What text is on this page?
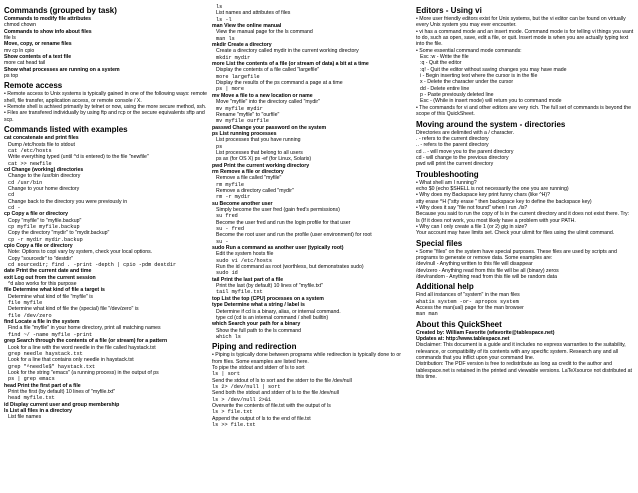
Commands (grouped by task)
Commands to modify file attributes
chmod chown
Commands to show info about files
file ls
Move, copy, or rename files
mv cp ln cpio
Show contents of a text file
more cat head tail
Show what processes are running on a system
ps top
Remote access
• Remote access to Unix systems is typically gained in one of the following ways: remote shell, file transfer, application access, or remote console / X.
• Remote shell is achived primarily by telnet or now, using the more secure method, ssh.
• Files are transfered individually by using ftp and rcp or the secure equivalents sftp and scp.
Commands listed with examples
cat concatenate and print files
Dump /etc/hosts file to stdout
cat /etc/hosts
Write everything typed (until ^d is entered) to the file "newfile"
cat >> newfile
cd Change (working) directories
Change to the /usr/bin directory
cd /usr/bin
Change to your home directory
cd
Change back to the directory you were previously in
cd -
cp Copy a file or directory
Copy "myfile" to "myfile.backup"
cp myfile myfile.backup
Copy the directory "mydir" to "mydir.backup"
cp -r mydir mydir.backup
cpio Copy a file or directory
Note: Options to copi vary by system, check your local options.
Copy "sourcedir" to "destdir"
cd sourcedir; find . -print -depth | cpio -pdm destdir
date Print the current date and time
exit Log out from the current session
^d also works for this purpose
file Determine what kind of file a target is
Determine what kind of file "myfile" is
file myfile
Determine what kind of file the (special) file "/dev/zero" is
file /dev/zero
find Locate a file in the system
Find a file "myfile" in your home directory, print all matching names
find ~/ -name myfile -print
grep Search through the contents of a file (or stream) for a pattern
Look for a line with the word needle in the file called haystack.txt
grep needle haystack.txt
Look for a line that contains only needle in haystack.txt
grep "^needle$" haystack.txt
Look for the string "emacs" (a running process) in the output of ps
ps | grep emacs
head Print the first part of a file
Print the first (by default) 10 lines of "myfile.txt"
head myfile.txt
id Display current user and group membership
ls List all files in a directory
List file names
ls
List names and attributes of files
ls -l
man View the online manual
View the manual page for the ls command
man ls
mkdir Create a directory
Create a directory called mydir in the current working directory
mkdir mydir
more List the contents of a file (or stream of data) a bit at a time
Display the contents of a file called "largefile"
more largefile
Display the results of the ps command a page at a time
ps | more
mv Move a file to a new location or name
Move "myfile" into the directory called "mydir"
mv myfile mydir
Rename "myfile" to "ourfile"
mv myfile ourfile
passwd Change your password on the system
ps List running processes
List processes that you have running
ps
List processes that belong to all users
ps ax (for OS X) ps -ef (for Linux, Solaris)
pwd Print the current working directory
rm Remove a file or directory
Remove a file called "myfile"
rm myfile
Remove a directory called "mydir"
rm -r mydir
su Become another user
Simply become the user fred (gain fred's permissions)
su fred
Become the user fred and run the login profile for that user
su - fred
Become the root user and run the profile (user environment) for root
su -
sudo Run a command as another user (typically root)
Edit the system hosts file
sudo vi /etc/hosts
Run the id command as root (worthless, but demonstrates sudo)
sudo id
tail Print the last part of a file
Print the last (by default) 10 lines of "myfile.txt"
tail myfile.txt
top List the top (CPU) processes on a system
type Determine what a string / label is
Determine if cd is a binary, alias, or internal command.
type cd (cd is an internal command / shell builtin)
which Search your path for a binary
Show the full path to the ls command
which ls
Piping and redirection
• Piping is typically done between programs while redirection is typically done to or from files. Some examples are listed here.
To pipe the stdout and stderr of ls to sort
ls | sort
Send the stdout of ls to sort and the stderr to the file /dev/null
ls 2> /dev/null | sort
Send both the stdout and stderr of ls to the file /dev/null
ls > /dev/null 2>&1
Overwrite the contents of file.txt with the output of ls
ls > file.txt
Append the output of ls to the end of file.txt
ls >> file.txt
Editors - Using vi
• More user friendly editors exist for Unix systems, but the vi editor can be found on virtually every Unix system you may ever encounter.
• vi has a command mode and an insert mode. Command mode is for telling vi things you want to do, such as open, save, edit a file, or quit. Insert mode is when you are actually typing text into the file.
• Some essential command mode commands:
Esc :w - Write the file
:q - Quit the editor
:q! - Quit the editor without saving changes you may have made
i - Begin inserting text where the cursor is in the file
x - Delete the character under the cursor
dd - Delete entire line
p - Paste previously deleted line
Esc - (While in insert mode) will return you to command mode
• The commands for vi and other editors are very rich. The full set of commands is beyond the scope of this QuickSheet.
Moving around the system - directories
Directories are delimited with a / character.
. - refers to the current directory
.. - refers to the parent directory
cd .. - will move you to the parent directory
cd - will change to the previous directory
pwd will print the current directory
Troubleshooting
• What shell am I running?
echo $0 (echo $SHELL is not necessarily the one you are running)
• Why does my Backspace key print funny chars (like ^H)?
stty erase ^H ("stty erase " then backspace key to define the backspace key)
• Why does it say "file not found" when I run ./is?
Because you said to run the copy of ls in the current directory and it does not exist there. Try: ls (If it does not work, you most likely have a problem with your PATH.
• Why can I only create a file 1 (or 2) gig in size?
Your account may have limits set. Check your ulimit for files using the ulimit command.
Special files
• Some "files" on the system have special purposes. These files are used by scripts and programs to generate or remove data. Some examples are:
/dev/null - Anything written to this file will disappear
/dev/zero - Anything read from this file will be all (binary) zeros
/dev/random - Anything read from this file will be random data
Additional help
Find all instances of "system" in the man files
whatis system -or- apropos system
Access the man(ual) page for the man browser
man man
About this QuickSheet
Created by: William Favorite (wfavorite@tablespace.net)
Updates at: http://www.tablespace.net
Disclaimer: This document is a guide and it includes no express warranties to the suitability, relevance, or compatibility of its contents with any specific system. Research any and all commands that you inflict upon your command line.
Distribution: The PDF version is free to redistribute as long as credit to the author and tablespace.net is retained in the printed and viewable versions. LaTeXsource not distributed at this time.
